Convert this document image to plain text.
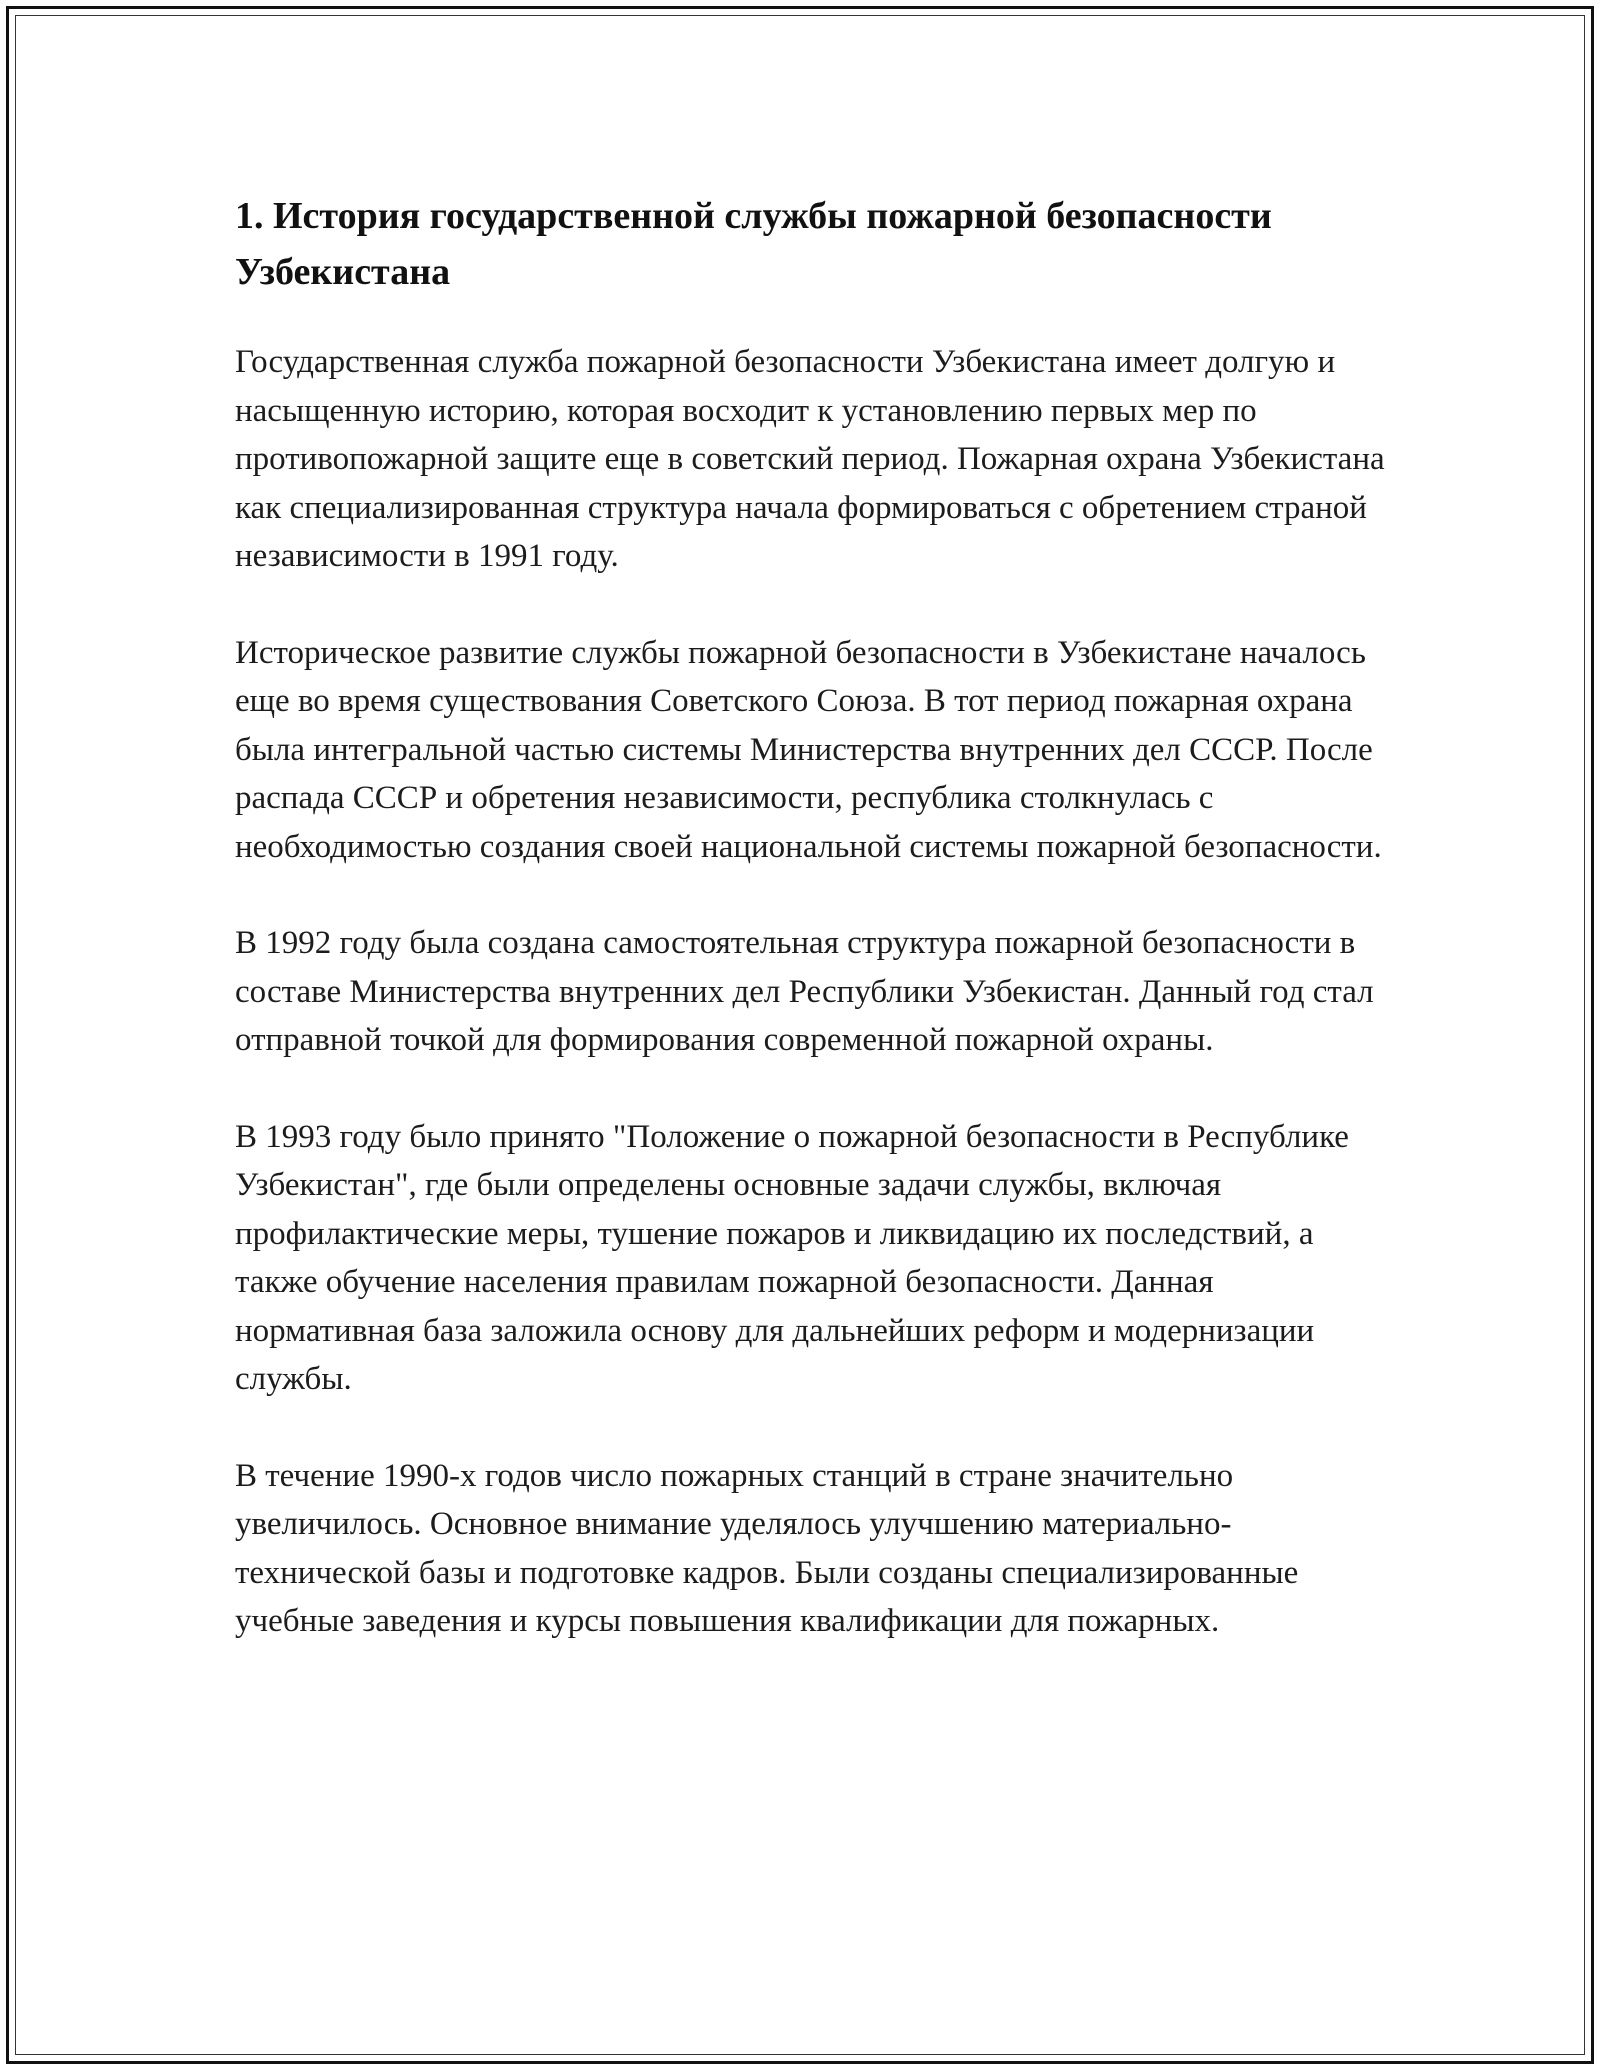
1. История государственной службы пожарной безопасности Узбекистана

Государственная служба пожарной безопасности Узбекистана имеет долгую и насыщенную историю, которая восходит к установлению первых мер по противопожарной защите еще в советский период. Пожарная охрана Узбекистана как специализированная структура начала формироваться с обретением страной независимости в 1991 году.

Историческое развитие службы пожарной безопасности в Узбекистане началось еще во время существования Советского Союза. В тот период пожарная охрана была интегральной частью системы Министерства внутренних дел СССР. После распада СССР и обретения независимости, республика столкнулась с необходимостью создания своей национальной системы пожарной безопасности.

В 1992 году была создана самостоятельная структура пожарной безопасности в составе Министерства внутренних дел Республики Узбекистан. Данный год стал отправной точкой для формирования современной пожарной охраны.

В 1993 году было принято "Положение о пожарной безопасности в Республике Узбекистан", где были определены основные задачи службы, включая профилактические меры, тушение пожаров и ликвидацию их последствий, а также обучение населения правилам пожарной безопасности. Данная нормативная база заложила основу для дальнейших реформ и модернизации службы.

В течение 1990-х годов число пожарных станций в стране значительно увеличилось. Основное внимание уделялось улучшению материально-технической базы и подготовке кадров. Были созданы специализированные учебные заведения и курсы повышения квалификации для пожарных.
